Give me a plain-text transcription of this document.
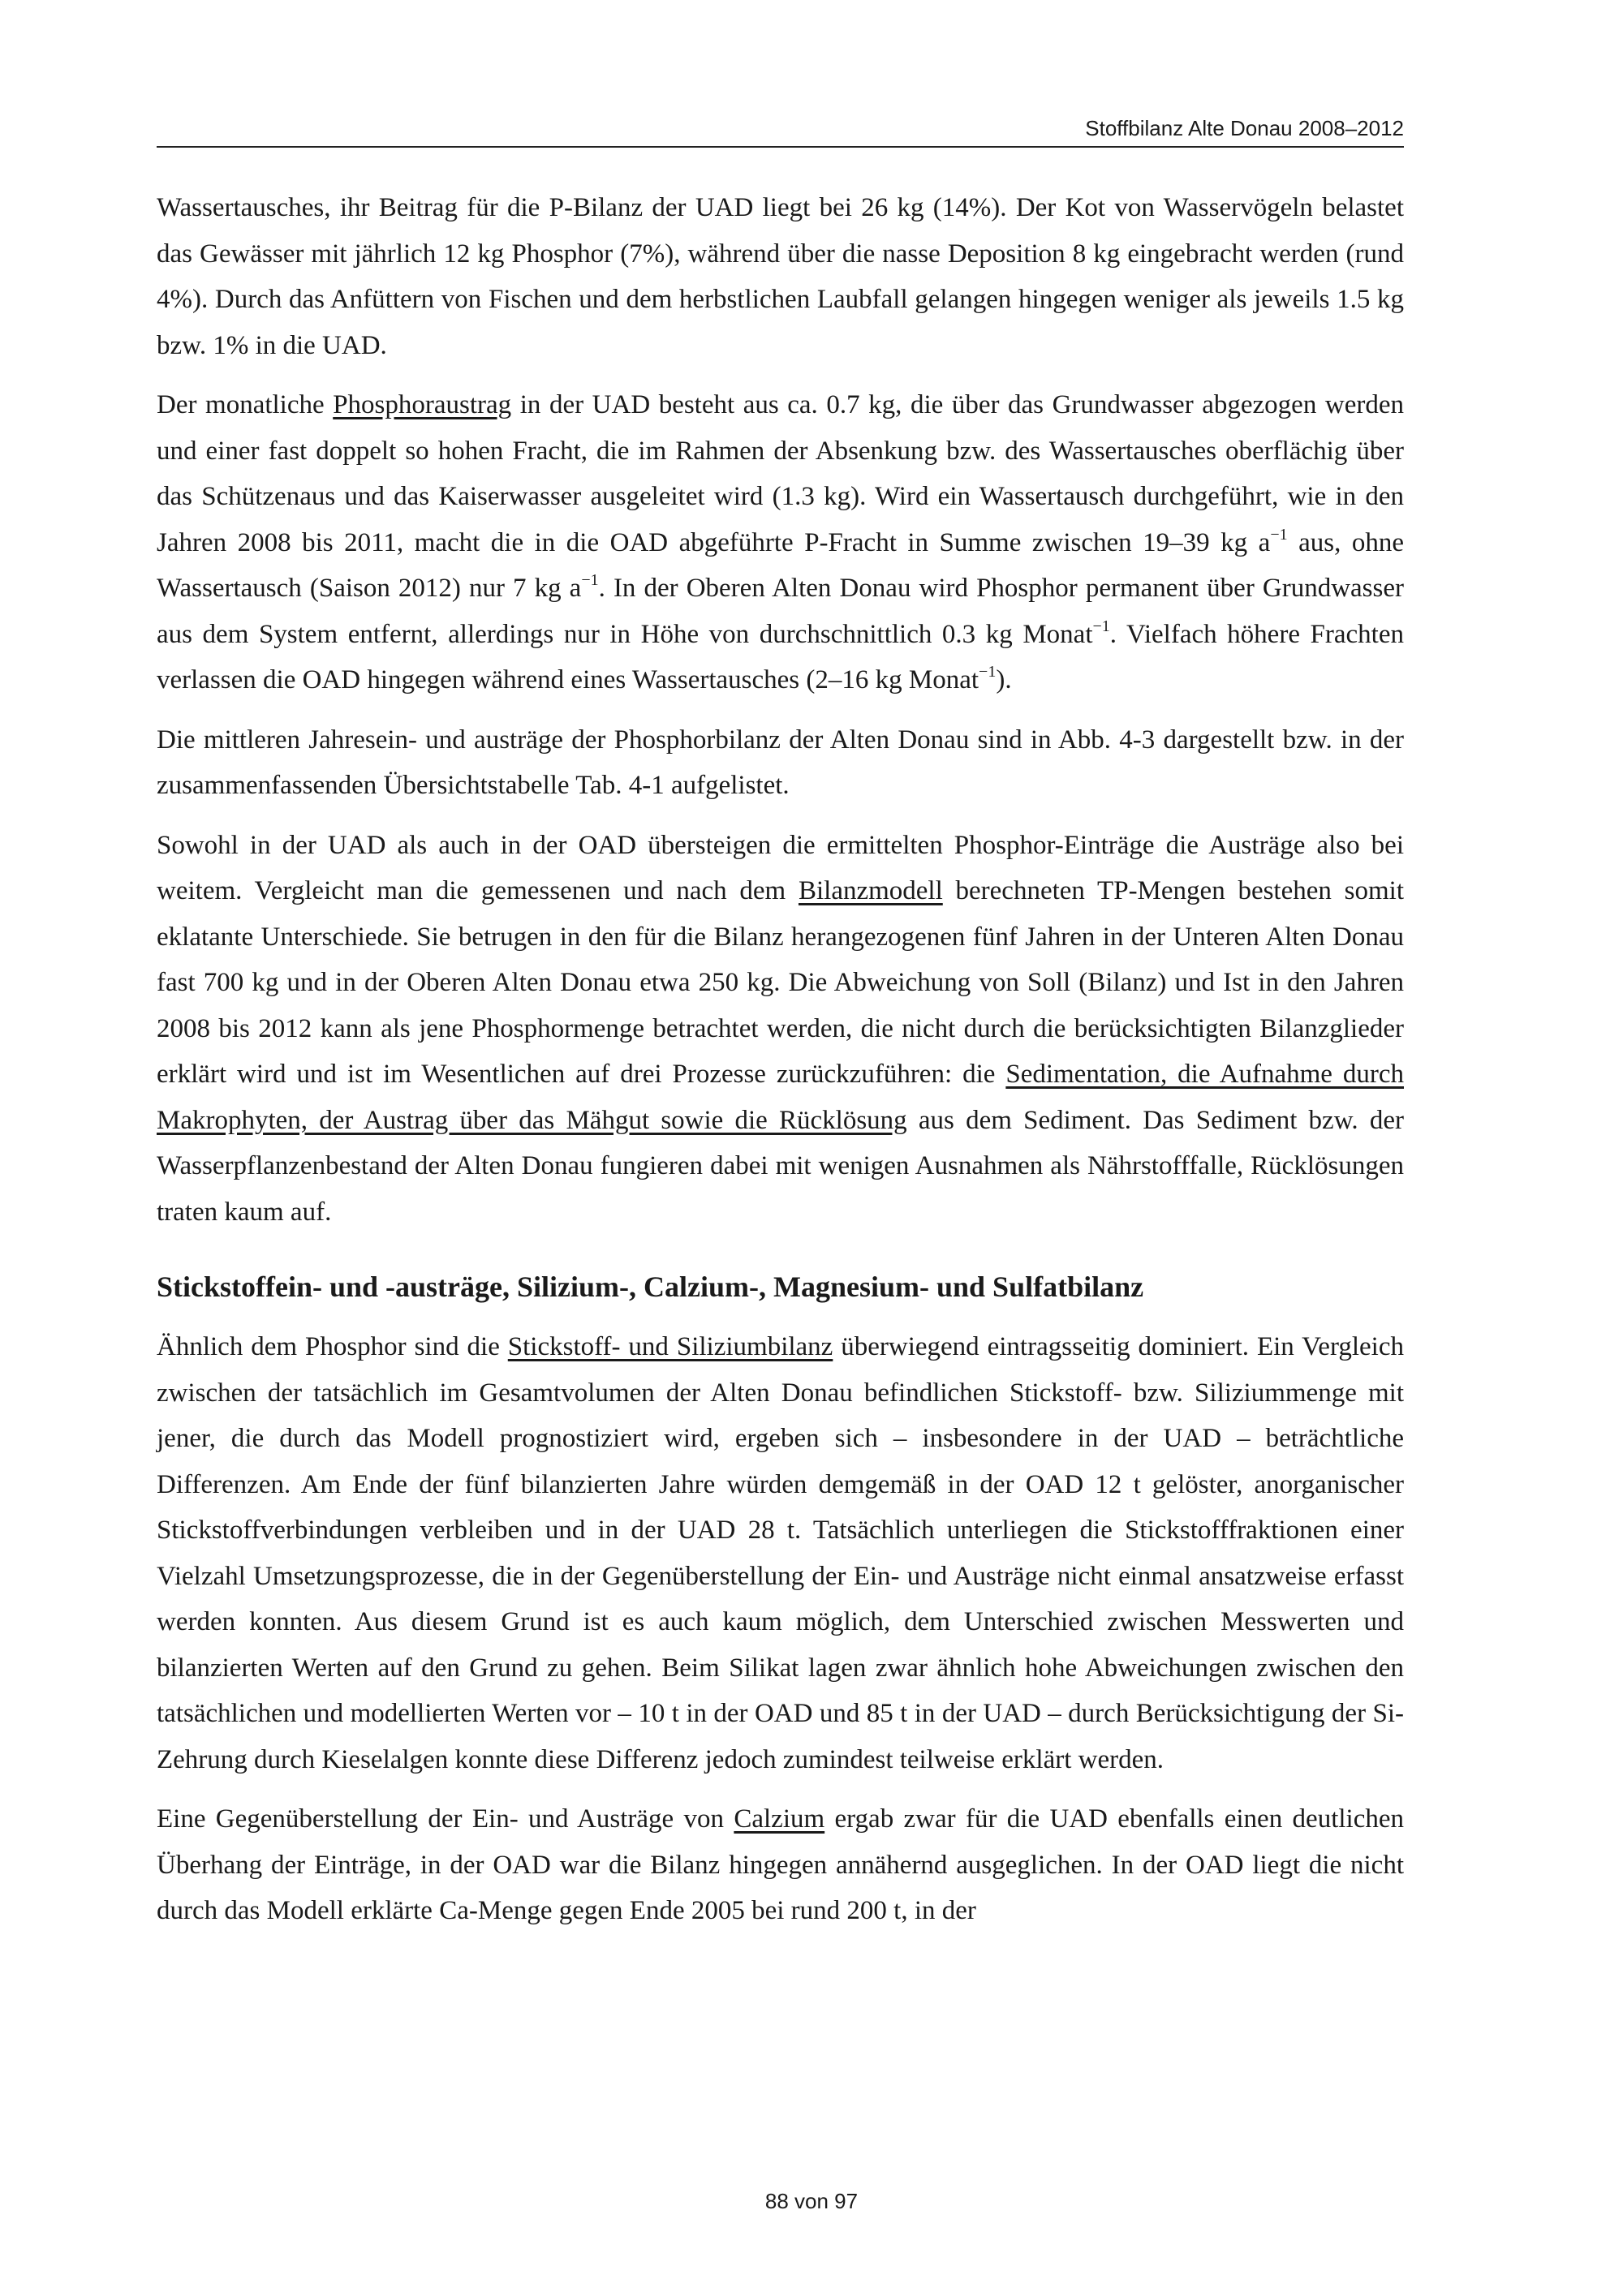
Stoffbilanz Alte Donau 2008–2012

Wassertausches, ihr Beitrag für die P-Bilanz der UAD liegt bei 26 kg (14%). Der Kot von Wasservögeln belastet das Gewässer mit jährlich 12 kg Phosphor (7%), während über die nasse Deposition 8 kg eingebracht werden (rund 4%). Durch das Anfüttern von Fischen und dem herbstlichen Laubfall gelangen hingegen weniger als jeweils 1.5 kg bzw. 1% in die UAD.

Der monatliche Phosphoraustrag in der UAD besteht aus ca. 0.7 kg, die über das Grundwasser abgezogen werden und einer fast doppelt so hohen Fracht, die im Rahmen der Absenkung bzw. des Wassertausches oberflächig über das Schützenaus und das Kaiserwasser ausgeleitet wird (1.3 kg). Wird ein Wassertausch durchgeführt, wie in den Jahren 2008 bis 2011, macht die in die OAD abgeführte P-Fracht in Summe zwischen 19–39 kg $a^{-1}$ aus, ohne Wassertausch (Saison 2012) nur 7 kg $a^{-1}$. In der Oberen Alten Donau wird Phosphor permanent über Grundwasser aus dem System entfernt, allerdings nur in Höhe von durchschnittlich 0.3 kg Monat$^{-1}$. Vielfach höhere Frachten verlassen die OAD hingegen während eines Wassertausches (2–16 kg Monat$^{-1}$).

Die mittleren Jahresein- und austräge der Phosphorbilanz der Alten Donau sind in Abb. 4-3 dargestellt bzw. in der zusammenfassenden Übersichtstabelle Tab. 4-1 aufgelistet.

Sowohl in der UAD als auch in der OAD übersteigen die ermittelten Phosphor-Einträge die Austräge also bei weitem. Vergleicht man die gemessenen und nach dem Bilanzmodell berechneten TP-Mengen bestehen somit eklatante Unterschiede. Sie betrugen in den für die Bilanz herangezogenen fünf Jahren in der Unteren Alten Donau fast 700 kg und in der Oberen Alten Donau etwa 250 kg. Die Abweichung von Soll (Bilanz) und Ist in den Jahren 2008 bis 2012 kann als jene Phosphormenge betrachtet werden, die nicht durch die berücksichtigten Bilanzglieder erklärt wird und ist im Wesentlichen auf drei Prozesse zurückzuführen: die Sedimentation, die Aufnahme durch Makrophyten, der Austrag über das Mähgut sowie die Rücklösung aus dem Sediment. Das Sediment bzw. der Wasserpflanzenbestand der Alten Donau fungieren dabei mit wenigen Ausnahmen als Nährstofffalle, Rücklösungen traten kaum auf.

Stickstoffein- und -austräge, Silizium-, Calzium-, Magnesium- und Sulfatbilanz

Ähnlich dem Phosphor sind die Stickstoff- und Siliziumbilanz überwiegend eintragsseitig dominiert. Ein Vergleich zwischen der tatsächlich im Gesamtvolumen der Alten Donau befindlichen Stickstoff- bzw. Siliziummenge mit jener, die durch das Modell prognostiziert wird, ergeben sich – insbesondere in der UAD – beträchtliche Differenzen. Am Ende der fünf bilanzierten Jahre würden demgemäß in der OAD 12 t gelöster, anorganischer Stickstoffverbindungen verbleiben und in der UAD 28 t. Tatsächlich unterliegen die Stickstofffraktionen einer Vielzahl Umsetzungsprozesse, die in der Gegenüberstellung der Ein- und Austräge nicht einmal ansatzweise erfasst werden konnten. Aus diesem Grund ist es auch kaum möglich, dem Unterschied zwischen Messwerten und bilanzierten Werten auf den Grund zu gehen. Beim Silikat lagen zwar ähnlich hohe Abweichungen zwischen den tatsächlichen und modellierten Werten vor – 10 t in der OAD und 85 t in der UAD – durch Berücksichtigung der Si-Zehrung durch Kieselalgen konnte diese Differenz jedoch zumindest teilweise erklärt werden.

Eine Gegenüberstellung der Ein- und Austräge von Calzium ergab zwar für die UAD ebenfalls einen deutlichen Überhang der Einträge, in der OAD war die Bilanz hingegen annähernd ausgeglichen. In der OAD liegt die nicht durch das Modell erklärte Ca-Menge gegen Ende 2005 bei rund 200 t, in der

88 von 97
